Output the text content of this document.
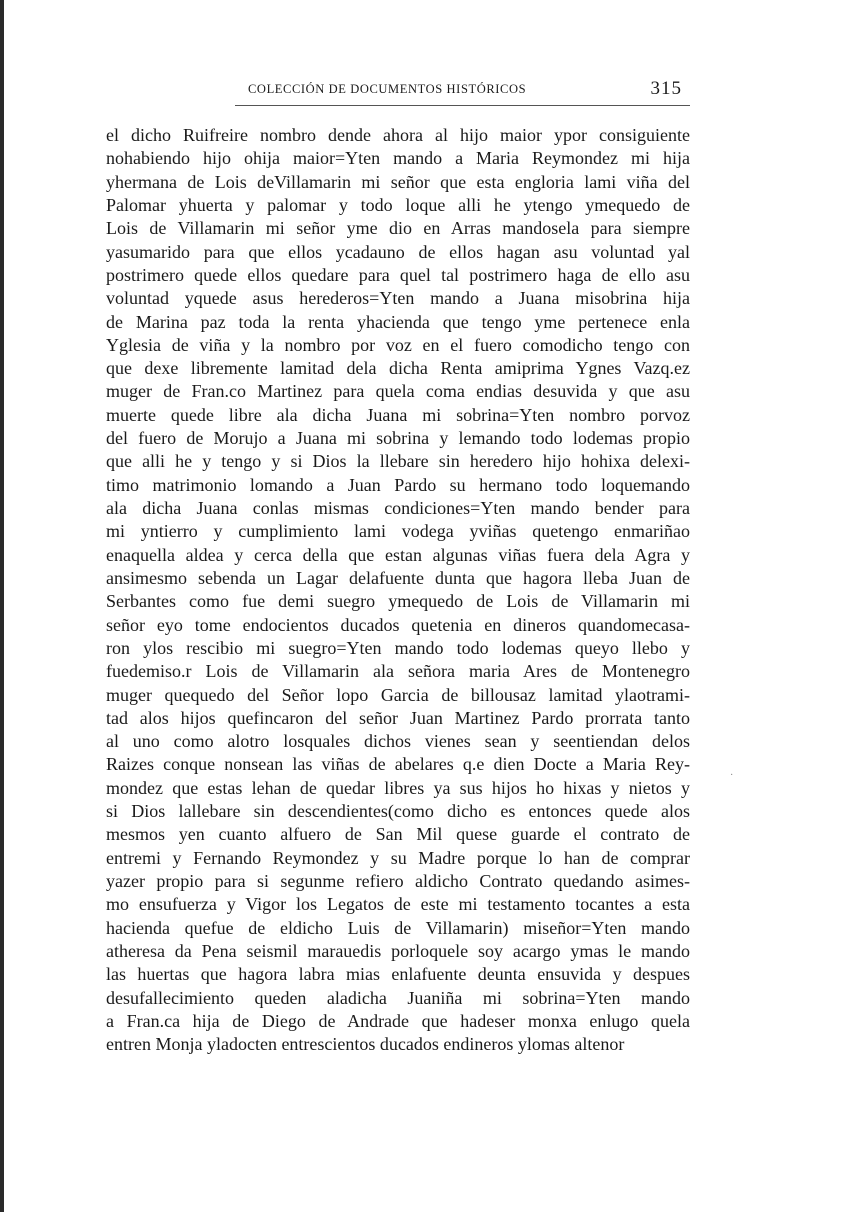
COLECCIÓN DE DOCUMENTOS HISTÓRICOS	315
el dicho Ruifreire nombro dende ahora al hijo maior ypor consiguiente
nohabiendo hijo ohija maior=Yten mando a Maria Reymondez mi hija
yhermana de Lois deVillamarin mi señor que esta engloria lami viña del
Palomar yhuerta y palomar y todo loque alli he ytengo ymequedo de
Lois de Villamarin mi señor yme dio en Arras mandosela para siempre
yasumarido para que ellos ycadauno de ellos hagan asu voluntad yal
postrimero quede ellos quedare para quel tal postrimero haga de ello asu
voluntad yquede asus herederos=Yten mando a Juana misobrina hija
de Marina paz toda la renta yhacienda que tengo yme pertenece enla
Yglesia de viña y la nombro por voz en el fuero comodicho tengo con
que dexe libremente lamitad dela dicha Renta amiprima Ygnes Vazq.ez
muger de Fran.co Martinez para quela coma endias desuvida y que asu
muerte quede libre ala dicha Juana mi sobrina=Yten nombro porvoz
del fuero de Morujo a Juana mi sobrina y lemando todo lodemas propio
que alli he y tengo y si Dios la llebare sin heredero hijo hohixa delexi-
timo matrimonio lomando a Juan Pardo su hermano todo loquemando
ala dicha Juana conlas mismas condiciones=Yten mando bender para
mi yntierro y cumplimiento lami vodega yviñas quetengo enmariñao
enaquella aldea y cerca della que estan algunas viñas fuera dela Agra y
ansimesmo sebenda un Lagar delafuente dunta que hagora lleba Juan de
Serbantes como fue demi suegro ymequedo de Lois de Villamarin mi
señor eyo tome endocientos ducados quetenia en dineros quandomecasa-
ron ylos rescibio mi suegro=Yten mando todo lodemas queyo llebo y
fuedemiso.r Lois de Villamarin ala señora maria Ares de Montenegro
muger quequedo del Señor lopo Garcia de billousaz lamitad ylaotrami-
tad alos hijos quefincaron del señor Juan Martinez Pardo prorrata tanto
al uno como alotro losquales dichos vienes sean y seentiendan delos
Raizes conque nonsean las viñas de abelares q.e dien Docte a Maria Rey-
mondez que estas lehan de quedar libres ya sus hijos ho hixas y nietos y
si Dios lallebare sin descendientes(como dicho es entonces quede alos
mesmos yen cuanto alfuero de San Mil quese guarde el contrato de
entremi y Fernando Reymondez y su Madre porque lo han de comprar
yazer propio para si segunme refiero aldicho Contrato quedando asimes-
mo ensufuerza y Vigor los Legatos de este mi testamento tocantes a esta
hacienda quefue de eldicho Luis de Villamarin) miseñor=Yten mando
atheresa da Pena seismil marauedis porloquele soy acargo ymas le mando
las huertas que hagora labra mias enlafuente deunta ensuvida y despues
desufallecimiento queden aladicha Juaniña mi sobrina=Yten mando
a Fran.ca hija de Diego de Andrade que hadeser monxa enlugo quela
entren Monja yladocten entrescientos ducados endineros ylomas altenor
·
